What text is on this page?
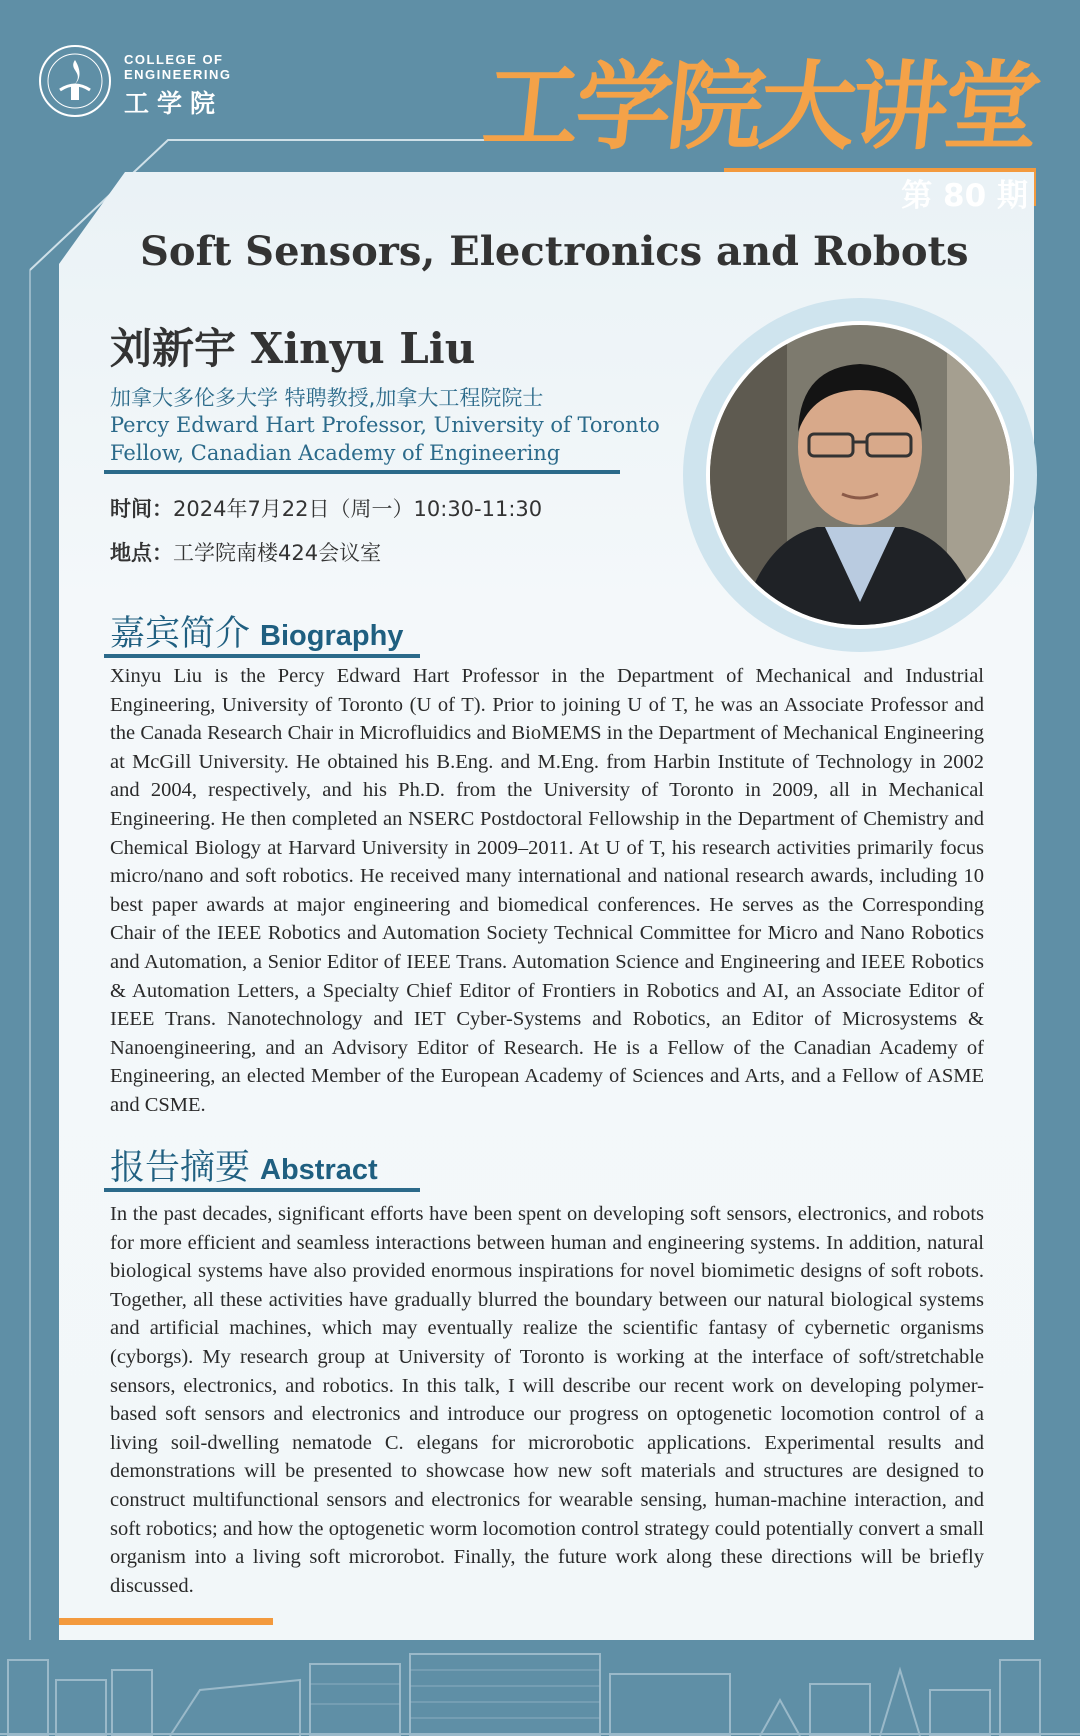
COLLEGE OF
ENGINEERING
工学院	工学院大讲堂
第 80 期
Soft Sensors, Electronics and Robots
刘新宇 Xinyu Liu
加拿大多伦多大学 特聘教授,加拿大工程院院士
Percy Edward Hart Professor, University of Toronto
Fellow, Canadian Academy of Engineering
时间：2024年7月22日（周一）10:30-11:30
地点：工学院南楼424会议室
嘉宾简介 Biography
Xinyu Liu is the Percy Edward Hart Professor in the Department of Mechanical and Industrial Engineering, University of Toronto (U of T). Prior to joining U of T, he was an Associate Professor and the Canada Research Chair in Microfluidics and BioMEMS in the Department of Mechanical Engineering at McGill University. He obtained his B.Eng. and M.Eng. from Harbin Institute of Technology in 2002 and 2004, respectively, and his Ph.D. from the University of Toronto in 2009, all in Mechanical Engineering. He then completed an NSERC Postdoctoral Fellowship in the Department of Chemistry and Chemical Biology at Harvard University in 2009–2011. At U of T, his research activities primarily focus micro/nano and soft robotics. He received many international and national research awards, including 10 best paper awards at major engineering and biomedical conferences. He serves as the Corresponding Chair of the IEEE Robotics and Automation Society Technical Committee for Micro and Nano Robotics and Automation, a Senior Editor of IEEE Trans. Automation Science and Engineering and IEEE Robotics & Automation Letters, a Specialty Chief Editor of Frontiers in Robotics and AI, an Associate Editor of IEEE Trans. Nanotechnology and IET Cyber-Systems and Robotics, an Editor of Microsystems & Nanoengineering, and an Advisory Editor of Research. He is a Fellow of the Canadian Academy of Engineering, an elected Member of the European Academy of Sciences and Arts, and a Fellow of ASME and CSME.
报告摘要 Abstract
In the past decades, significant efforts have been spent on developing soft sensors, electronics, and robots for more efficient and seamless interactions between human and engineering systems. In addition, natural biological systems have also provided enormous inspirations for novel biomimetic designs of soft robots. Together, all these activities have gradually blurred the boundary between our natural biological systems and artificial machines, which may eventually realize the scientific fantasy of cybernetic organisms (cyborgs). My research group at University of Toronto is working at the interface of soft/stretchable sensors, electronics, and robotics. In this talk, I will describe our recent work on developing polymer-based soft sensors and electronics and introduce our progress on optogenetic locomotion control of a living soil-dwelling nematode C. elegans for microrobotic applications. Experimental results and demonstrations will be presented to showcase how new soft materials and structures are designed to construct multifunctional sensors and electronics for wearable sensing, human-machine interaction, and soft robotics; and how the optogenetic worm locomotion control strategy could potentially convert a small organism into a living soft microrobot. Finally, the future work along these directions will be briefly discussed.
